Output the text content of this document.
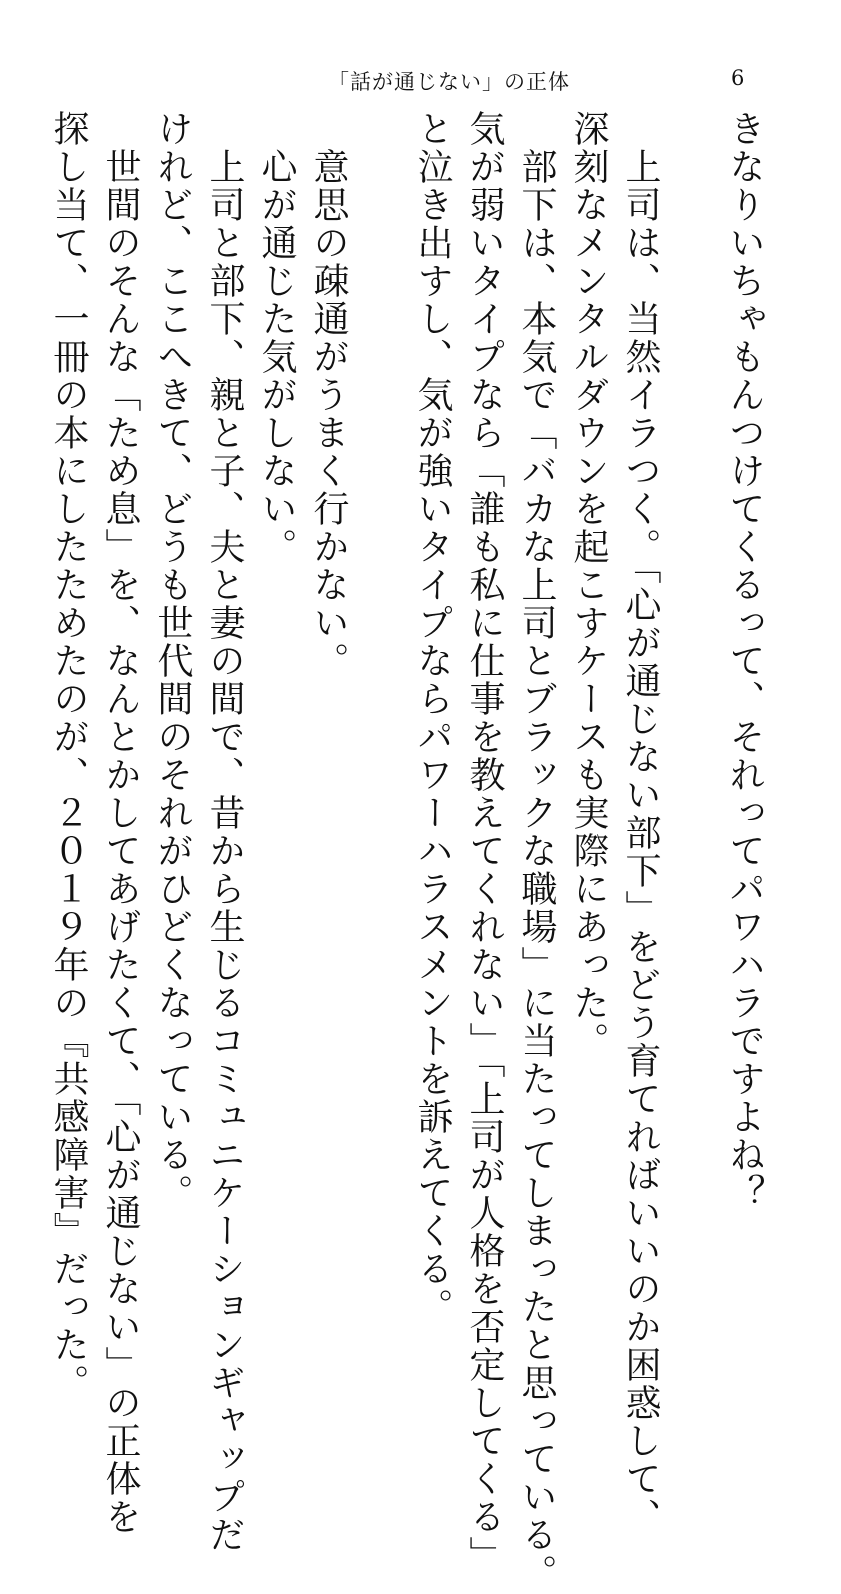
「話が通じない」の正体	6

きなりいちゃもんつけてくるって、それってパワハラですよね？

　上司は、当然イラつく。「心が通じない部下」をどう育てればいいのか困惑して、

深刻なメンタルダウンを起こすケースも実際にあった。

　部下は、本気で「バカな上司とブラックな職場」に当たってしまったと思っている。

気が弱いタイプなら「誰も私に仕事を教えてくれない」「上司が人格を否定してくる」

と泣き出すし、気が強いタイプならパワーハラスメントを訴えてくる。

　意思の疎通がうまく行かない。

　心が通じた気がしない。

　上司と部下、親と子、夫と妻の間で、昔から生じるコミュニケーションギャップだ

けれど、ここへきて、どうも世代間のそれがひどくなっている。

　世間のそんな「ため息」を、なんとかしてあげたくて、「心が通じない」の正体を

探し当て、一冊の本にしたためたのが、２０１９年の『共感障害』だった。
